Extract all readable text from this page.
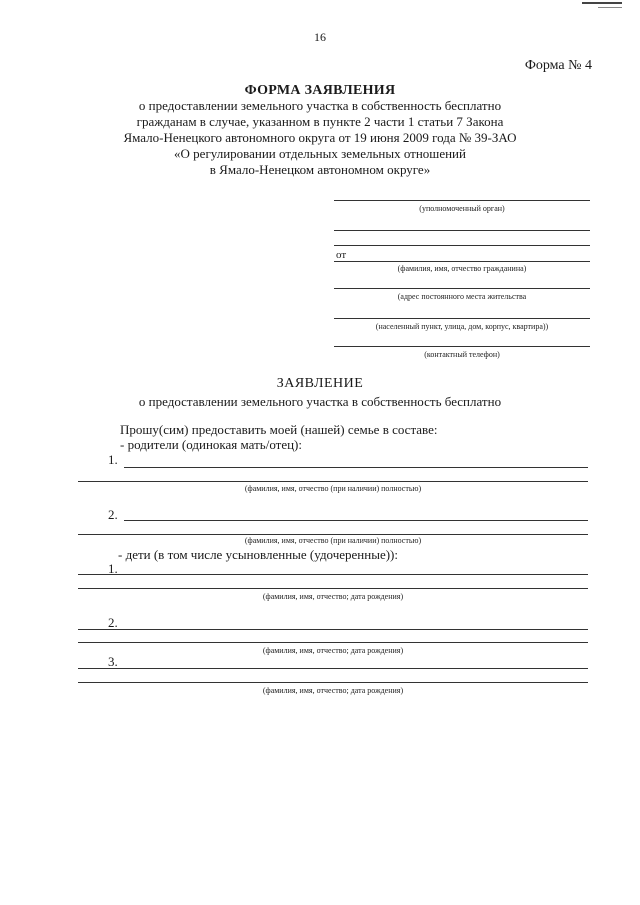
16
Форма № 4
ФОРМА ЗАЯВЛЕНИЯ
о предоставлении земельного участка в собственность бесплатно
гражданам в случае, указанном в пункте 2 части 1 статьи 7 Закона
Ямало-Ненецкого автономного округа от 19 июня 2009 года № 39-ЗАО
«О регулировании отдельных земельных отношений
в Ямало-Ненецком автономном округе»
(уполномоченный орган)
от
(фамилия, имя, отчество гражданина)
(адрес постоянного места жительства
(населенный пункт, улица, дом, корпус, квартира))
(контактный телефон)
ЗАЯВЛЕНИЕ
о предоставлении земельного участка в собственность бесплатно
Прошу(сим) предоставить моей (нашей) семье в составе:
- родители (одинокая мать/отец):
1.
(фамилия, имя, отчество (при наличии) полностью)
2.
(фамилия, имя, отчество (при наличии) полностью)
- дети (в том числе усыновленные (удочеренные)):
1.
(фамилия, имя, отчество; дата рождения)
2.
(фамилия, имя, отчество; дата рождения)
3.
(фамилия, имя, отчество; дата рождения)
